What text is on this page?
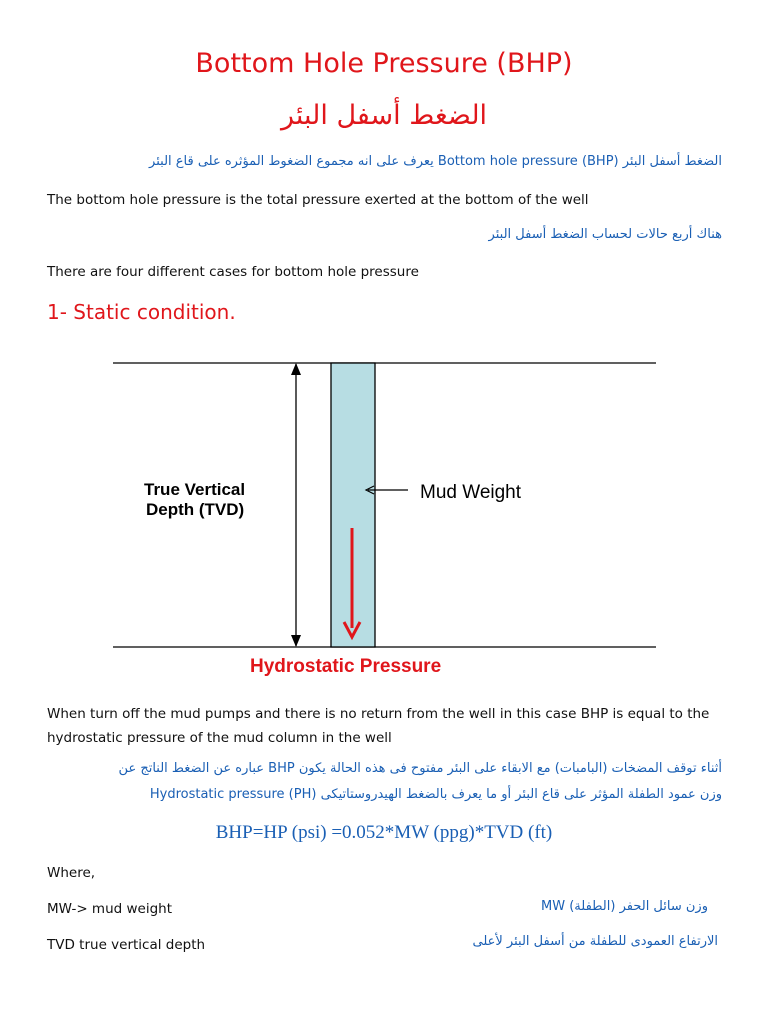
Bottom Hole Pressure (BHP)
الضغط أسفل البئر
الضغط أسفل البئر Bottom hole pressure (BHP) يعرف على انه مجموع الضغوط المؤثره على قاع البئر
The bottom hole pressure is the total pressure exerted at the bottom of the well
هناك أربع حالات لحساب الضغط أسفل البئر
There are four different cases for bottom hole pressure
1- Static condition.
True Vertical
Depth (TVD)
Mud Weight
Hydrostatic Pressure
When turn off the mud pumps and there is no return from the well in this case BHP is equal to the hydrostatic pressure of the mud column in the well
أثناء توقف المضخات (البامبات) مع الابقاء على البئر مفتوح فى هذه الحالة يكون BHP عباره عن الضغط الناتج عن
وزن عمود الطفلة المؤثر على قاع البئر أو ما يعرف بالضغط الهيدروستاتيكى Hydrostatic pressure (PH)
BHP=HP (psi) =0.052*MW (ppg)*TVD (ft)
Where,
MW-> mud weight	وزن سائل الحفر (الطفلة) MW
TVD true vertical depth	الارتفاع العمودى للطفلة من أسفل البئر لأعلى
